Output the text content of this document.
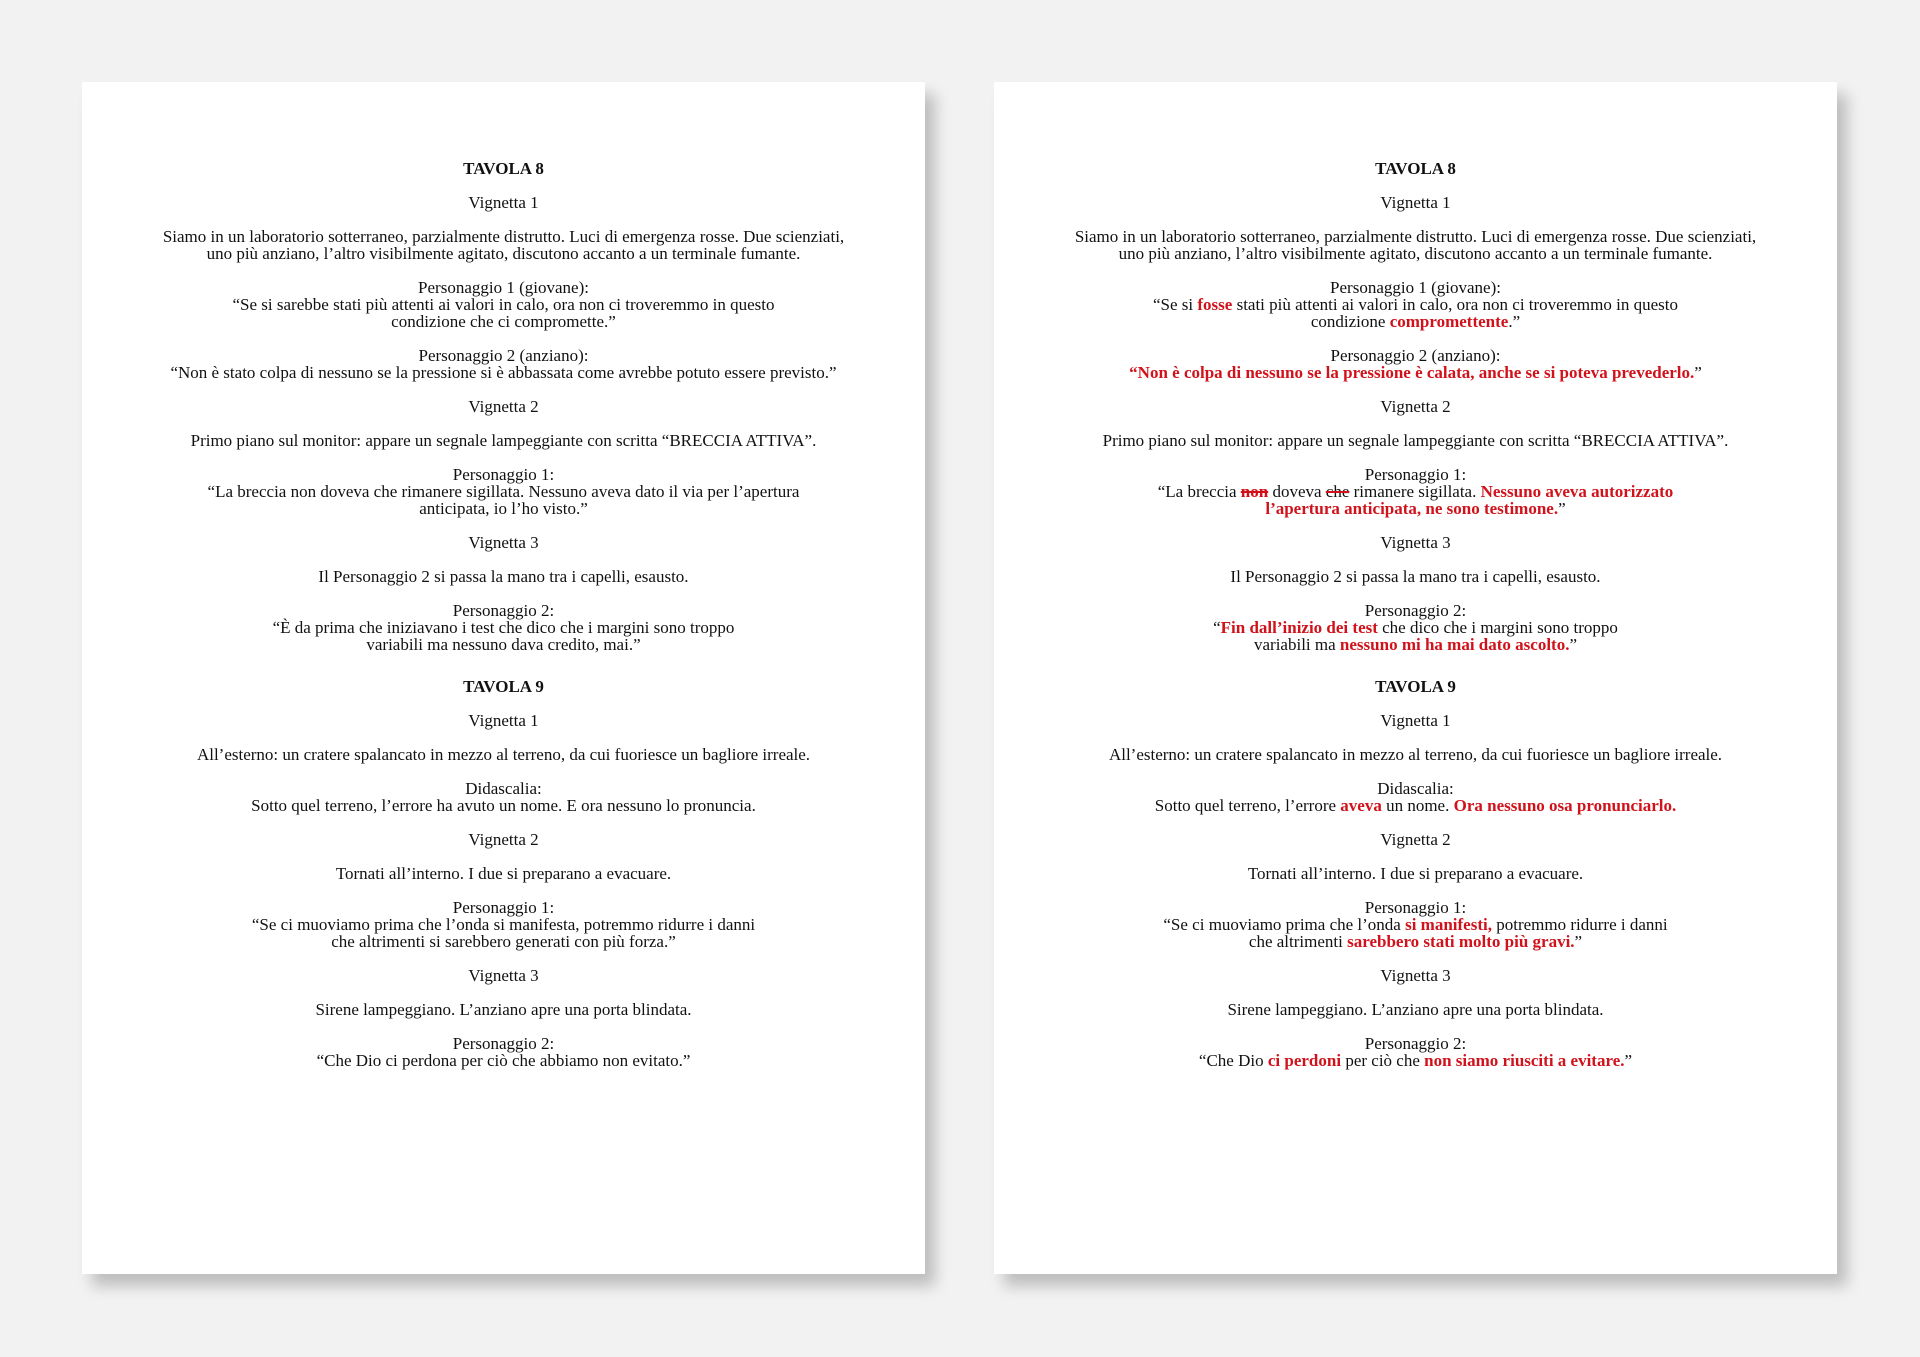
TAVOLA 8
Vignetta 1
Siamo in un laboratorio sotterraneo, parzialmente distrutto. Luci di emergenza rosse. Due scienziati,
uno più anziano, l’altro visibilmente agitato, discutono accanto a un terminale fumante.
Personaggio 1 (giovane):
“Se si sarebbe stati più attenti ai valori in calo, ora non ci troveremmo in questo
condizione che ci compromette.”
Personaggio 2 (anziano):
“Non è stato colpa di nessuno se la pressione si è abbassata come avrebbe potuto essere previsto.”
Vignetta 2
Primo piano sul monitor: appare un segnale lampeggiante con scritta “BRECCIA ATTIVA”.
Personaggio 1:
“La breccia non doveva che rimanere sigillata. Nessuno aveva dato il via per l’apertura
anticipata, io l’ho visto.”
Vignetta 3
Il Personaggio 2 si passa la mano tra i capelli, esausto.
Personaggio 2:
“È da prima che iniziavano i test che dico che i margini sono troppo
variabili ma nessuno dava credito, mai.”
TAVOLA 9
Vignetta 1
All’esterno: un cratere spalancato in mezzo al terreno, da cui fuoriesce un bagliore irreale.
Didascalia:
Sotto quel terreno, l’errore ha avuto un nome. E ora nessuno lo pronuncia.
Vignetta 2
Tornati all’interno. I due si preparano a evacuare.
Personaggio 1:
“Se ci muoviamo prima che l’onda si manifesta, potremmo ridurre i danni
che altrimenti si sarebbero generati con più forza.”
Vignetta 3
Sirene lampeggiano. L’anziano apre una porta blindata.
Personaggio 2:
“Che Dio ci perdona per ciò che abbiamo non evitato.”
TAVOLA 8
Vignetta 1
Siamo in un laboratorio sotterraneo, parzialmente distrutto. Luci di emergenza rosse. Due scienziati,
uno più anziano, l’altro visibilmente agitato, discutono accanto a un terminale fumante.
Personaggio 1 (giovane):
“Se si fosse stati più attenti ai valori in calo, ora non ci troveremmo in questo
condizione compromettente.”
Personaggio 2 (anziano):
“Non è colpa di nessuno se la pressione è calata, anche se si poteva prevederlo.”
Vignetta 2
Primo piano sul monitor: appare un segnale lampeggiante con scritta “BRECCIA ATTIVA”.
Personaggio 1:
“La breccia non doveva che rimanere sigillata. Nessuno aveva autorizzato
l’apertura anticipata, ne sono testimone.”
Vignetta 3
Il Personaggio 2 si passa la mano tra i capelli, esausto.
Personaggio 2:
“Fin dall’inizio dei test che dico che i margini sono troppo
variabili ma nessuno mi ha mai dato ascolto.”
TAVOLA 9
Vignetta 1
All’esterno: un cratere spalancato in mezzo al terreno, da cui fuoriesce un bagliore irreale.
Didascalia:
Sotto quel terreno, l’errore aveva un nome. Ora nessuno osa pronunciarlo.
Vignetta 2
Tornati all’interno. I due si preparano a evacuare.
Personaggio 1:
“Se ci muoviamo prima che l’onda si manifesti, potremmo ridurre i danni
che altrimenti sarebbero stati molto più gravi.”
Vignetta 3
Sirene lampeggiano. L’anziano apre una porta blindata.
Personaggio 2:
“Che Dio ci perdoni per ciò che non siamo riusciti a evitare.”
